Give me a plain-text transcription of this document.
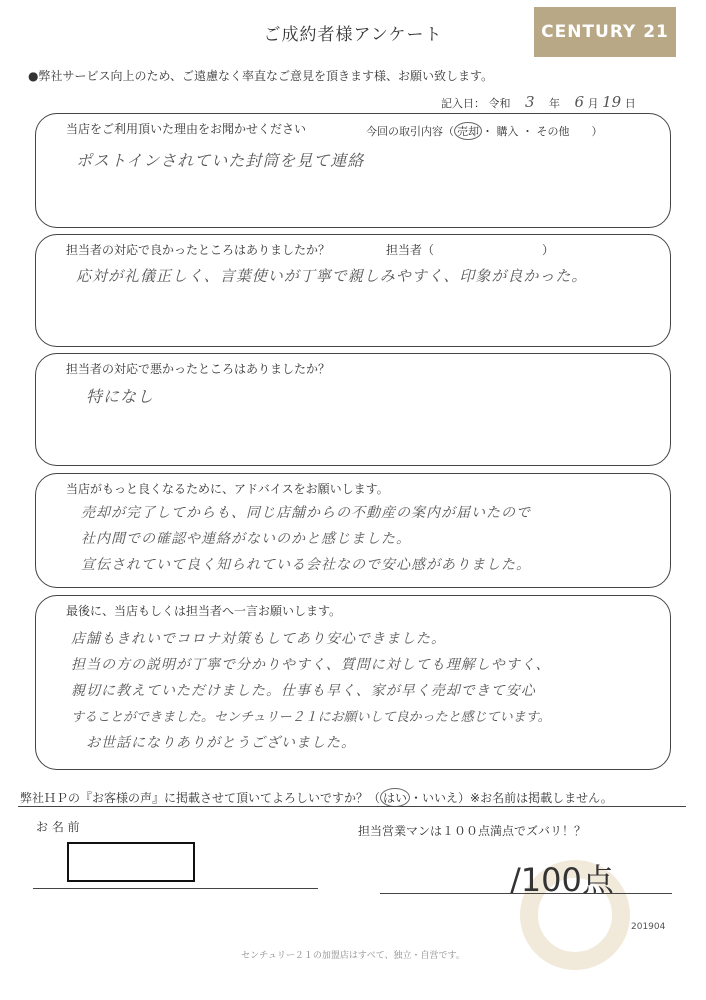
ご成約者様アンケート	CENTURY 21
●弊社サービス向上のため、ご遠慮なく率直なご意見を頂きます様、お願い致します。
記入日： 令和　 3　 年　 6 月 19 日
当店をご利用頂いた理由をお聞かせください	今回の取引内容（ 売却 ・ 購入 ・ その他　　）
ポストインされていた封筒を見て連絡
担当者の対応で良かったところはありましたか？	担当者（　　　　　　　　　）
応対が礼儀正しく、言葉使いが丁寧で親しみやすく、印象が良かった。
担当者の対応で悪かったところはありましたか？
特になし
当店がもっと良くなるために、アドバイスをお願いします。
売却が完了してからも、同じ店舗からの不動産の案内が届いたので
社内間での確認や連絡がないのかと感じました。
宣伝されていて良く知られている会社なので安心感がありました。
最後に、当店もしくは担当者へ一言お願いします。
店舗もきれいでコロナ対策もしてあり安心できました。
担当の方の説明が丁寧で分かりやすく、質問に対しても理解しやすく、
親切に教えていただけました。仕事も早く、家が早く売却できて安心
することができました。センチュリー２１にお願いして良かったと感じています。
お世話になりありがとうございました。
弊社ＨＰの『お客様の声』に掲載させて頂いてよろしいですか？（ はい ・いいえ）※お名前は掲載しません。
お 名 前	担当営業マンは１００点満点でズバリ！？
/100点
201904
センチュリー２１の加盟店はすべて、独立・自営です。
